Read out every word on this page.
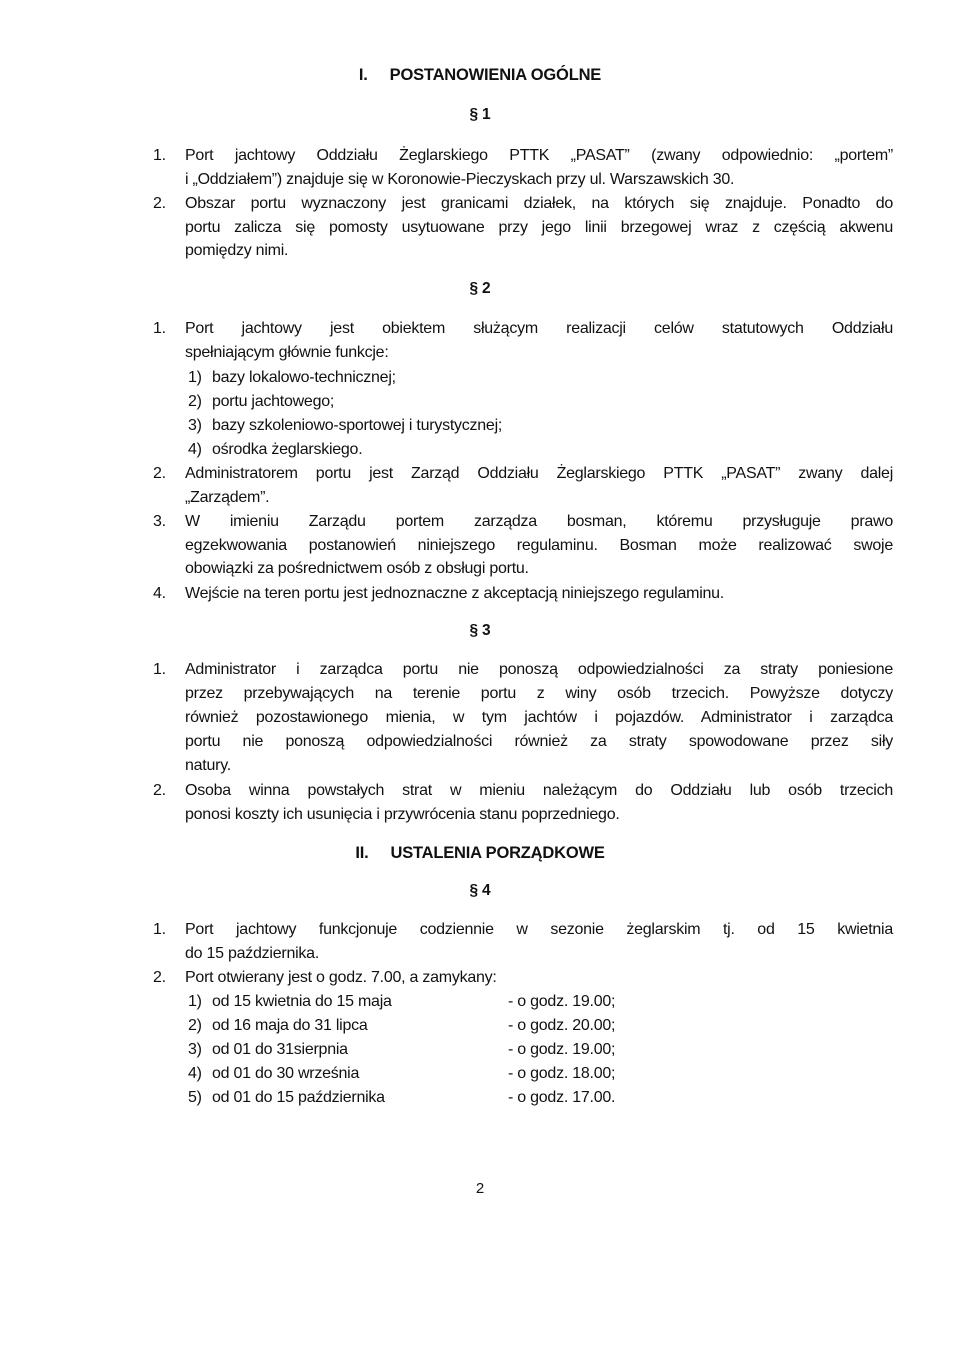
I. POSTANOWIENIA OGÓLNE
§ 1
1. Port jachtowy Oddziału Żeglarskiego PTTK „PASAT” (zwany odpowiednio: „portem”
i „Oddziałem”) znajduje się w Koronowie-Pieczyskach przy ul. Warszawskich 30.
2. Obszar portu wyznaczony jest granicami działek, na których się znajduje. Ponadto do
portu zalicza się pomosty usytuowane przy jego linii brzegowej wraz z częścią akwenu
pomiędzy nimi.
§ 2
1. Port jachtowy jest obiektem służącym realizacji celów statutowych Oddziału
spełniającym głównie funkcje:
1) bazy lokalowo-technicznej;
2) portu jachtowego;
3) bazy szkoleniowo-sportowej i turystycznej;
4) ośrodka żeglarskiego.
2. Administratorem portu jest Zarząd Oddziału Żeglarskiego PTTK „PASAT” zwany dalej
„Zarządem”.
3. W imieniu Zarządu portem zarządza bosman, któremu przysługuje prawo
egzekwowania postanowień niniejszego regulaminu. Bosman może realizować swoje
obowiązki za pośrednictwem osób z obsługi portu.
4. Wejście na teren portu jest jednoznaczne z akceptacją niniejszego regulaminu.
§ 3
1. Administrator i zarządca portu nie ponoszą odpowiedzialności za straty poniesione
przez przebywających na terenie portu z winy osób trzecich. Powyższe dotyczy
również pozostawionego mienia, w tym jachtów i pojazdów. Administrator i zarządca
portu nie ponoszą odpowiedzialności również za straty spowodowane przez siły
natury.
2. Osoba winna powstałych strat w mieniu należącym do Oddziału lub osób trzecich
ponosi koszty ich usunięcia i przywrócenia stanu poprzedniego.
II. USTALENIA PORZĄDKOWE
§ 4
1. Port jachtowy funkcjonuje codziennie w sezonie żeglarskim tj. od 15 kwietnia
do 15 października.
2. Port otwierany jest o godz. 7.00, a zamykany:
1) od 15 kwietnia do 15 maja	- o godz. 19.00;
2) od 16 maja do 31 lipca	- o godz. 20.00;
3) od 01 do 31sierpnia	- o godz. 19.00;
4) od 01 do 30 września	- o godz. 18.00;
5) od 01 do 15 października	- o godz. 17.00.
2
